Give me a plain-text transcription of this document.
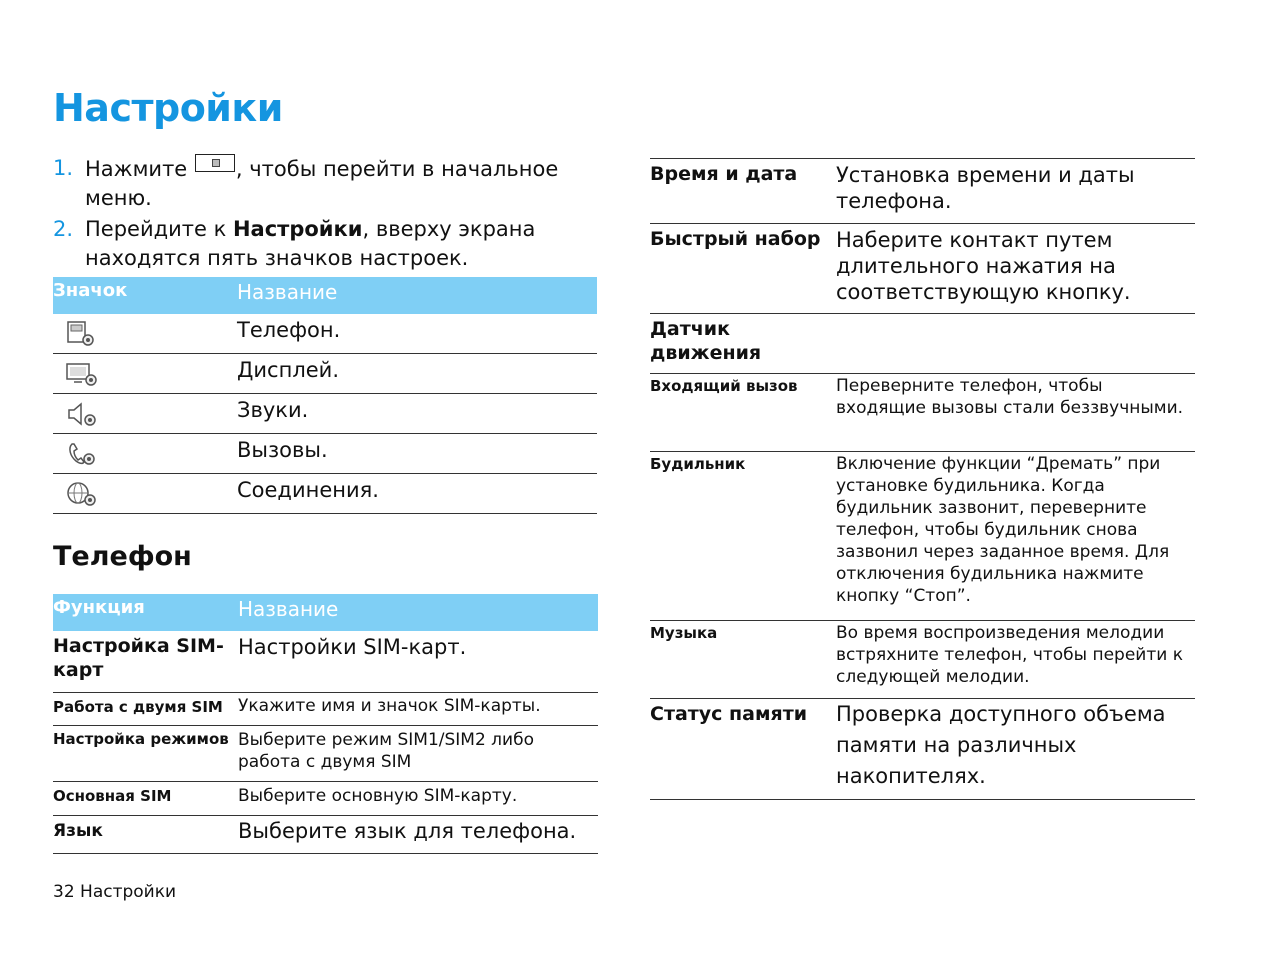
Настройки
1. Нажмите , чтобы перейти в начальное меню.
2. Перейдите к Настройки, вверху экрана находятся пять значков настроек.
Значок	Название
	Телефон.
	Дисплей.
	Звуки.
	Вызовы.
	Соединения.
Телефон
Функция	Название
Настройка SIM-карт	Настройки SIM-карт.
Работа с двумя SIM	Укажите имя и значок SIM-карты.
Настройка режимов	Выберите режим SIM1/SIM2 либо работа с двумя SIM
Основная SIM	Выберите основную SIM-карту.
Язык	Выберите язык для телефона.
Время и дата	Установка времени и даты телефона.
Быстрый набор	Наберите контакт путем длительного нажатия на соответствующую кнопку.
Датчик движения	
Входящий вызов	Переверните телефон, чтобы входящие вызовы стали беззвучными.
Будильник	Включение функции “Дремать” при установке будильника. Когда будильник зазвонит, переверните телефон, чтобы будильник снова зазвонил через заданное время. Для отключения будильника нажмите кнопку “Стоп”.
Музыка	Во время воспроизведения мелодии встряхните телефон, чтобы перейти к следующей мелодии.
Статус памяти	Проверка доступного объема памяти на различных накопителях.
32 Настройки
